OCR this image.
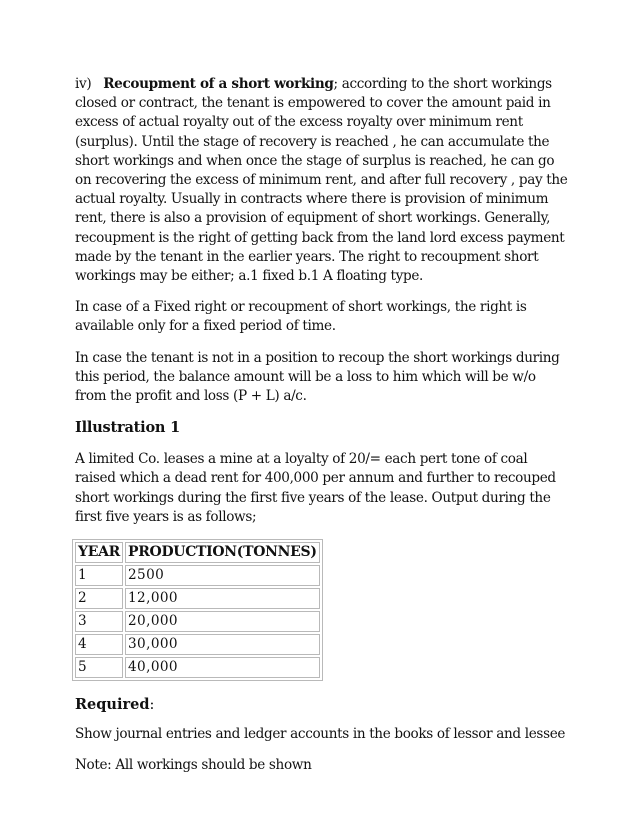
iv) Recoupment of a short working; according to the short workings closed or contract, the tenant is empowered to cover the amount paid in excess of actual royalty out of the excess royalty over minimum rent (surplus). Until the stage of recovery is reached , he can accumulate the short workings and when once the stage of surplus is reached, he can go on recovering the excess of minimum rent, and after full recovery , pay the actual royalty. Usually in contracts where there is provision of minimum rent, there is also a provision of equipment of short workings. Generally, recoupment is the right of getting back from the land lord excess payment made by the tenant in the earlier years. The right to recoupment short workings may be either; a.1 fixed b.1 A floating type.

In case of a Fixed right or recoupment of short workings, the right is available only for a fixed period of time.

In case the tenant is not in a position to recoup the short workings during this period, the balance amount will be a loss to him which will be w/o from the profit and loss (P + L) a/c.

Illustration 1

A limited Co. leases a mine at a loyalty of 20/= each pert tone of coal raised which a dead rent for 400,000 per annum and further to recouped short workings during the first five years of the lease. Output during the first five years is as follows;

YEAR	PRODUCTION(TONNES)
1	2500
2	12,000
3	20,000
4	30,000
5	40,000
Required:

Show journal entries and ledger accounts in the books of lessor and lessee

Note: All workings should be shown
